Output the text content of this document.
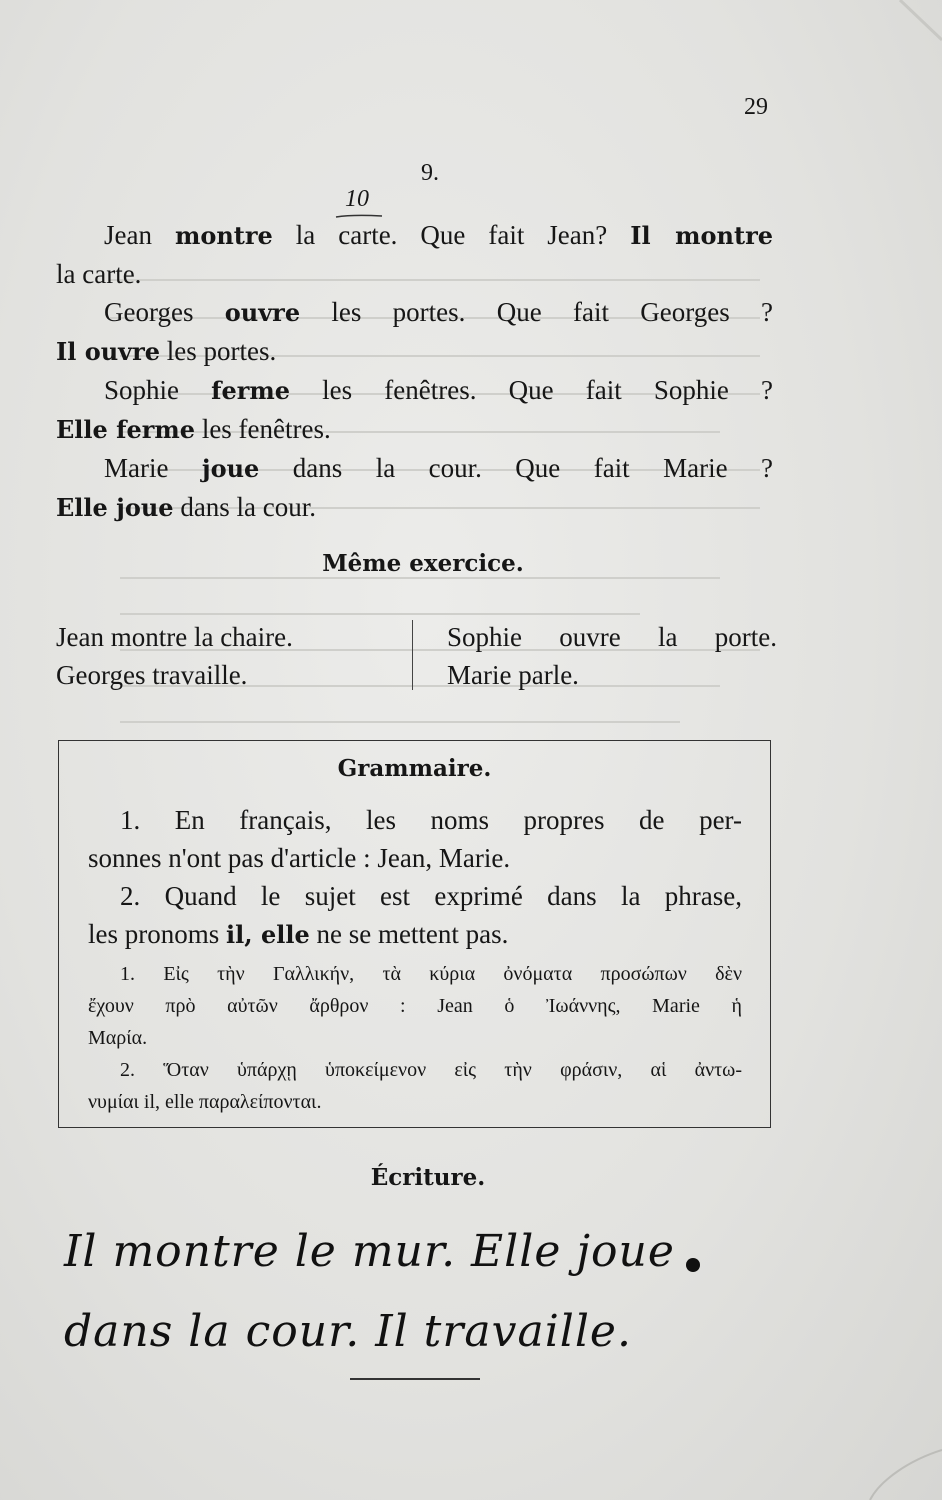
29
9.
10
Jean montre la carte. Que fait Jean? Il montre
la carte.
Georges ouvre les portes. Que fait Georges ?
Il ouvre les portes.
Sophie ferme les fenêtres. Que fait Sophie ?
Elle ferme les fenêtres.
Marie joue dans la cour. Que fait Marie ?
Elle joue dans la cour.
Même exercice.
Jean montre la chaire.
Georges travaille.
Sophie ouvre la porte.
Marie parle.
Grammaire.
1. En français, les noms propres de per-
sonnes n'ont pas d'article : Jean, Marie.
2. Quand le sujet est exprimé dans la phrase,
les pronoms il, elle ne se mettent pas.
1. Εἰς τὴν Γαλλικήν, τὰ κύρια ὀνόματα προσώπων δὲν
ἔχουν πρὸ αὐτῶν ἄρθρον : Jean ὁ Ἰωάννης, Marie ἡ
Μαρία.
2. Ὅταν ὑπάρχῃ ὑποκείμενον εἰς τὴν φράσιν, αἱ ἀντω-
νυμίαι il, elle παραλείπονται.
Écriture.
Il montre le mur. Elle joue
dans la cour. Il travaille.
